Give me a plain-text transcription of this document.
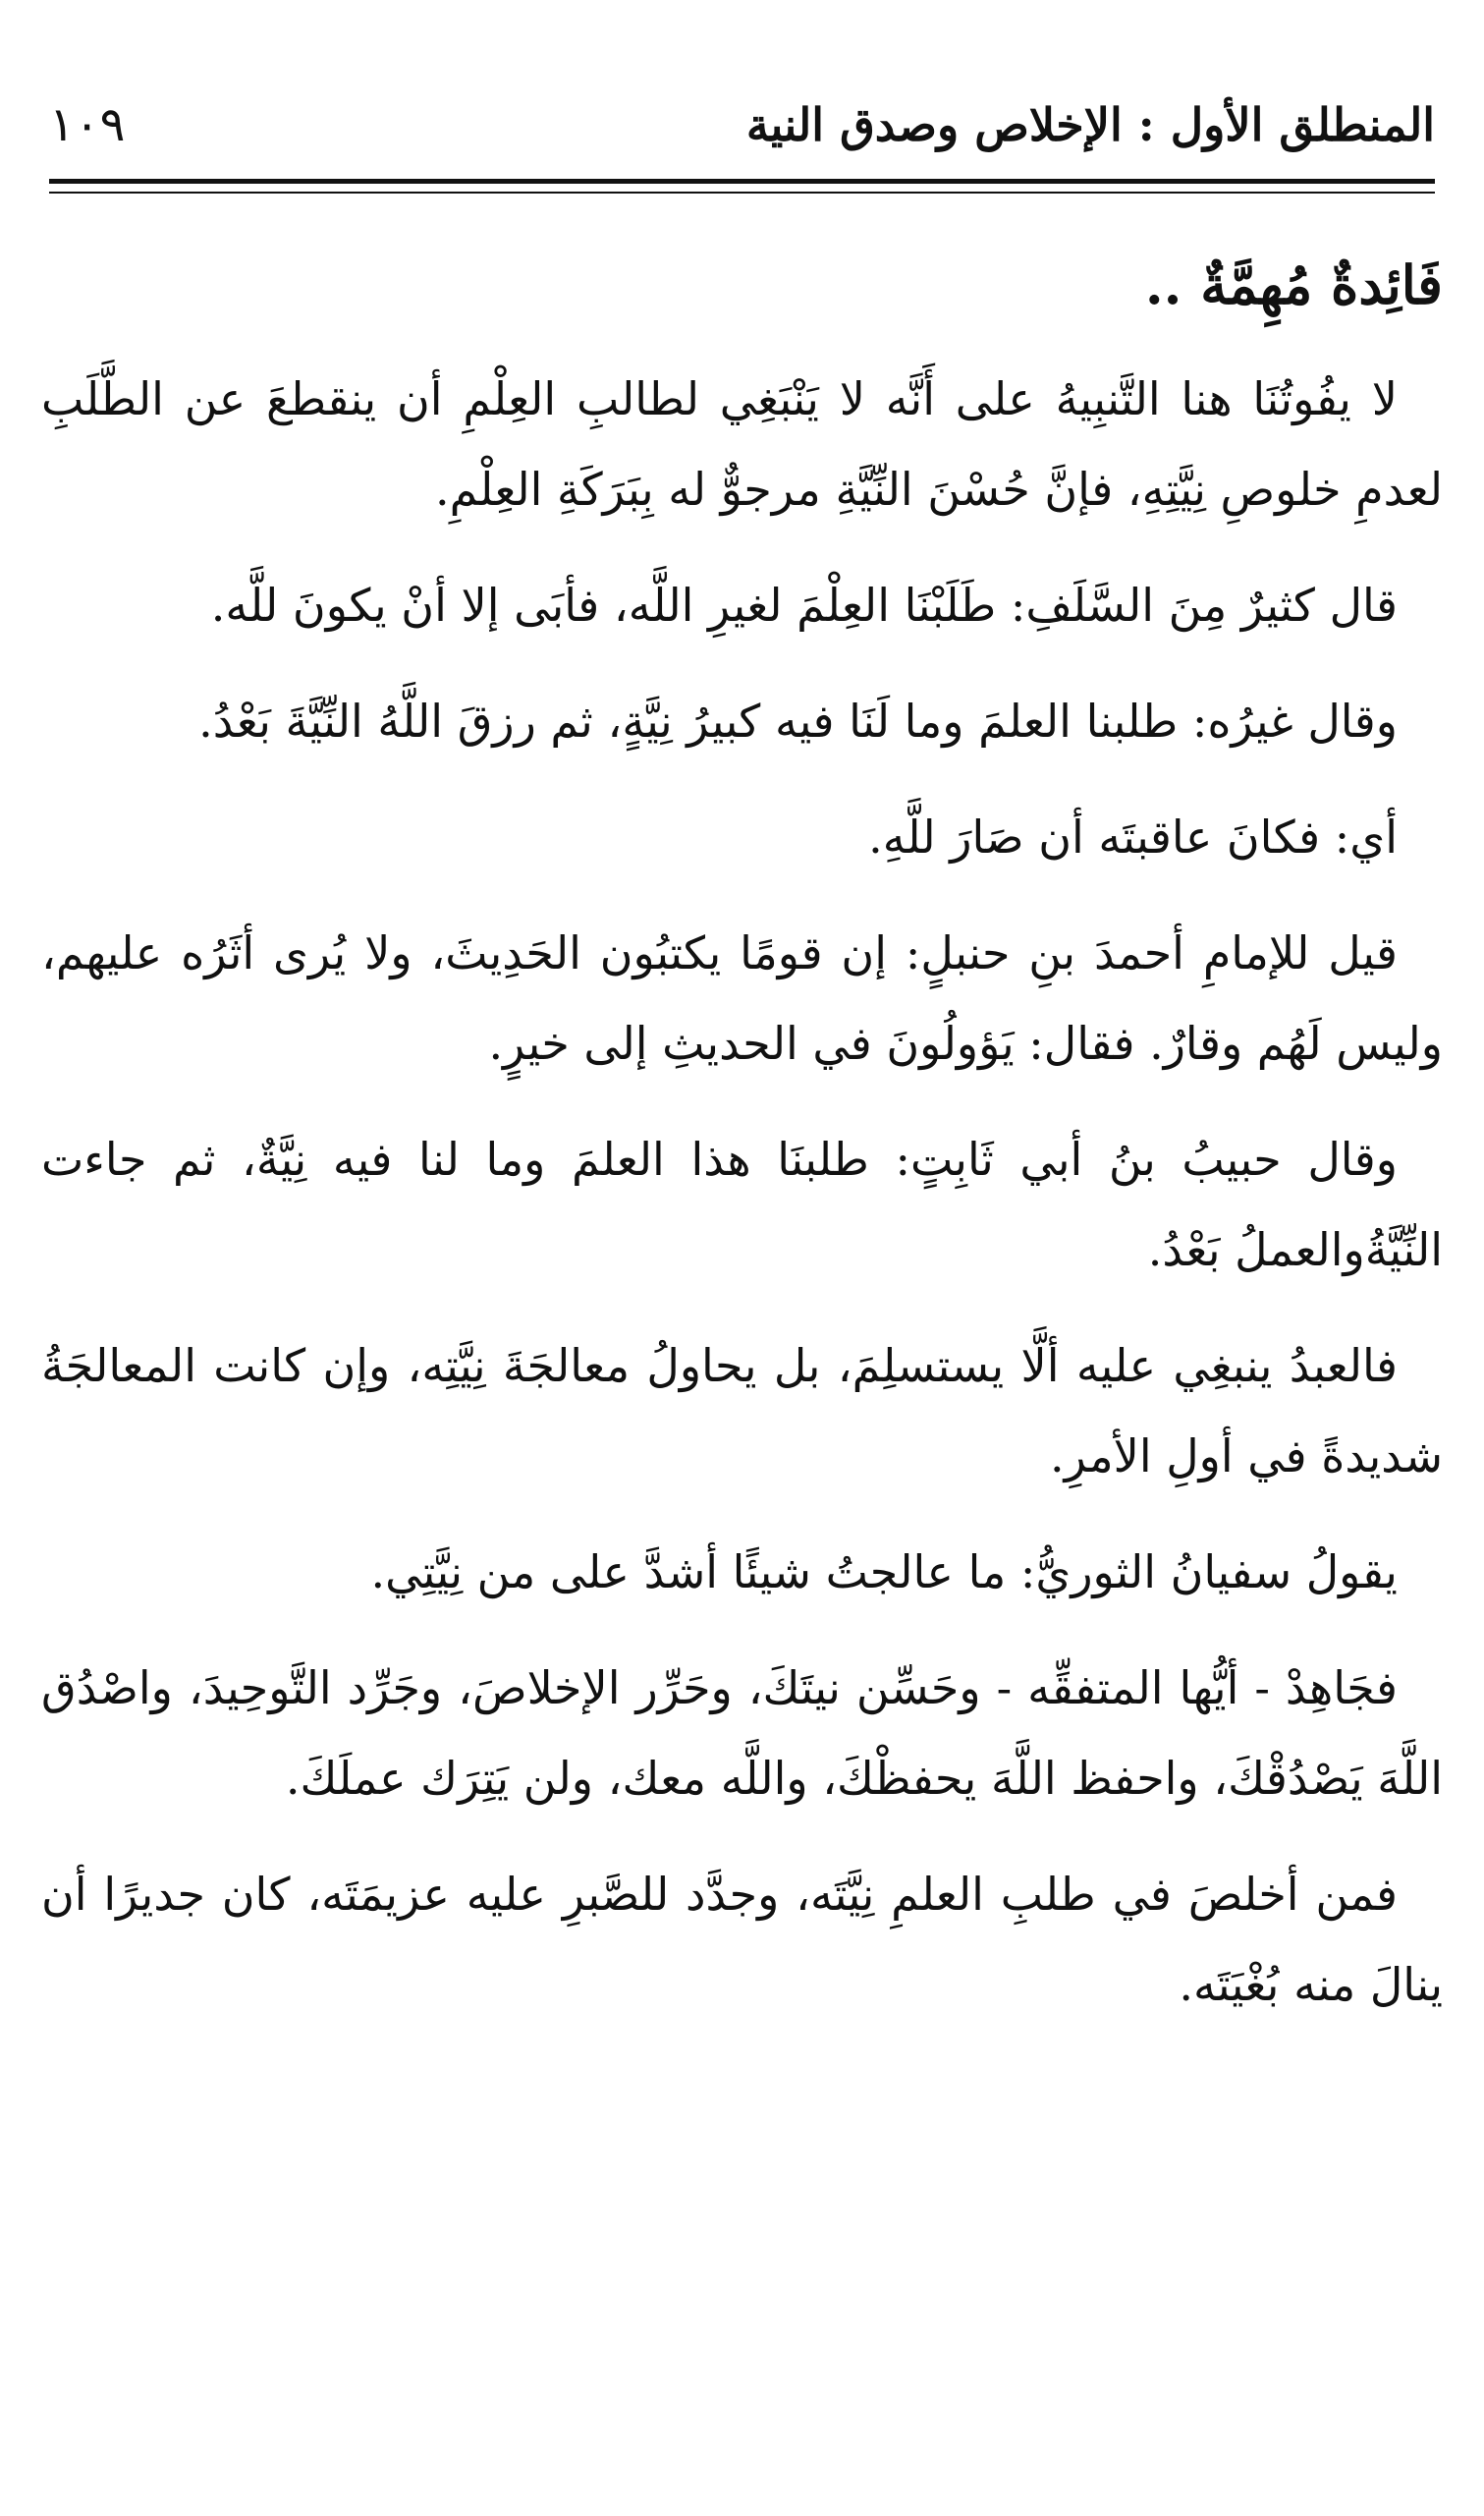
المنطلق الأول : الإخلاص وصدق النية
١٠٩
فَائِدةٌ مُهِمَّةٌ ..

لا يفُوتُنَا هنا التَّنبِيهُ على أَنَّه لا يَنْبَغِي لطالبِ العِلْمِ أن ينقطعَ عن الطَّلَبِ لعدمِ خلوصِ نِيَّتِهِ، فإنَّ حُسْنَ النِّيَّةِ مرجوٌّ له بِبَرَكَةِ العِلْمِ.

قال كثيرٌ مِنَ السَّلَفِ: طَلَبْنَا العِلْمَ لغيرِ اللَّه، فأبَى إلا أنْ يكونَ للَّه.

وقال غيرُه: طلبنا العلمَ وما لَنَا فيه كبيرُ نِيَّةٍ، ثم رزقَ اللَّهُ النِّيَّةَ بَعْدُ.

أي: فكانَ عاقبتَه أن صَارَ للَّهِ.

قيل للإمامِ أحمدَ بنِ حنبلٍ: إن قومًا يكتبُون الحَدِيثَ، ولا يُرى أثَرُه عليهم، وليس لَهُم وقارٌ. فقال: يَؤولُونَ في الحديثِ إلى خيرٍ.

وقال حبيبُ بنُ أبي ثَابِتٍ: طلبنَا هذا العلمَ وما لنا فيه نِيَّةٌ، ثم جاءت النِّيَّةُوالعملُ بَعْدُ.

فالعبدُ ينبغِي عليه ألَّا يستسلِمَ، بل يحاولُ معالجَةَ نِيَّتِه، وإن كانت المعالجَةُ شديدةً في أولِ الأمرِ.

يقولُ سفيانُ الثوريُّ: ما عالجتُ شيئًا أشدَّ على من نِيَّتِي.

فجَاهِدْ - أيُّها المتفقِّه - وحَسِّن نيتَكَ، وحَرِّر الإخلاصَ، وجَرِّد التَّوحِيدَ، واصْدُق اللَّهَ يَصْدُقْكَ، واحفظ اللَّهَ يحفظْكَ، واللَّه معك، ولن يَتِرَك عملَكَ.

فمن أخلصَ في طلبِ العلمِ نِيَّتَه، وجدَّد للصَّبرِ عليه عزيمَتَه، كان جديرًا أن ينالَ منه بُغْيَتَه.
